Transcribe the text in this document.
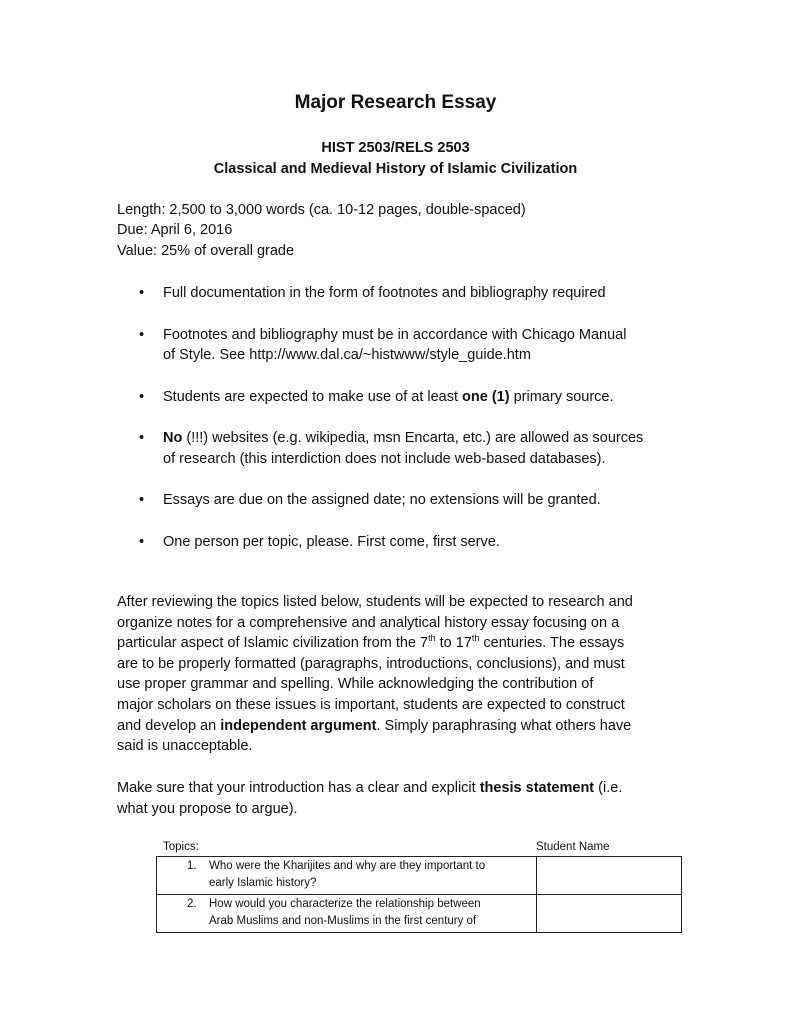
Major Research Essay
HIST 2503/RELS 2503
Classical and Medieval History of Islamic Civilization
Length: 2,500 to 3,000 words (ca. 10-12 pages, double-spaced)
Due: April 6, 2016
Value: 25% of overall grade
• Full documentation in the form of footnotes and bibliography required
• Footnotes and bibliography must be in accordance with Chicago Manual
of Style. See http://www.dal.ca/~histwww/style_guide.htm
• Students are expected to make use of at least one (1) primary source.
• No (!!!) websites (e.g. wikipedia, msn Encarta, etc.) are allowed as sources
of research (this interdiction does not include web-based databases).
• Essays are due on the assigned date; no extensions will be granted.
• One person per topic, please. First come, first serve.
After reviewing the topics listed below, students will be expected to research and
organize notes for a comprehensive and analytical history essay focusing on a
particular aspect of Islamic civilization from the 7th to 17th centuries. The essays
are to be properly formatted (paragraphs, introductions, conclusions), and must
use proper grammar and spelling. While acknowledging the contribution of
major scholars on these issues is important, students are expected to construct
and develop an independent argument. Simply paraphrasing what others have
said is unacceptable.
Make sure that your introduction has a clear and explicit thesis statement (i.e.
what you propose to argue).
Topics:	Student Name
1. Who were the Kharijites and why are they important to
early Islamic history?	

2. How would you characterize the relationship between
Arab Muslims and non-Muslims in the first century of	
